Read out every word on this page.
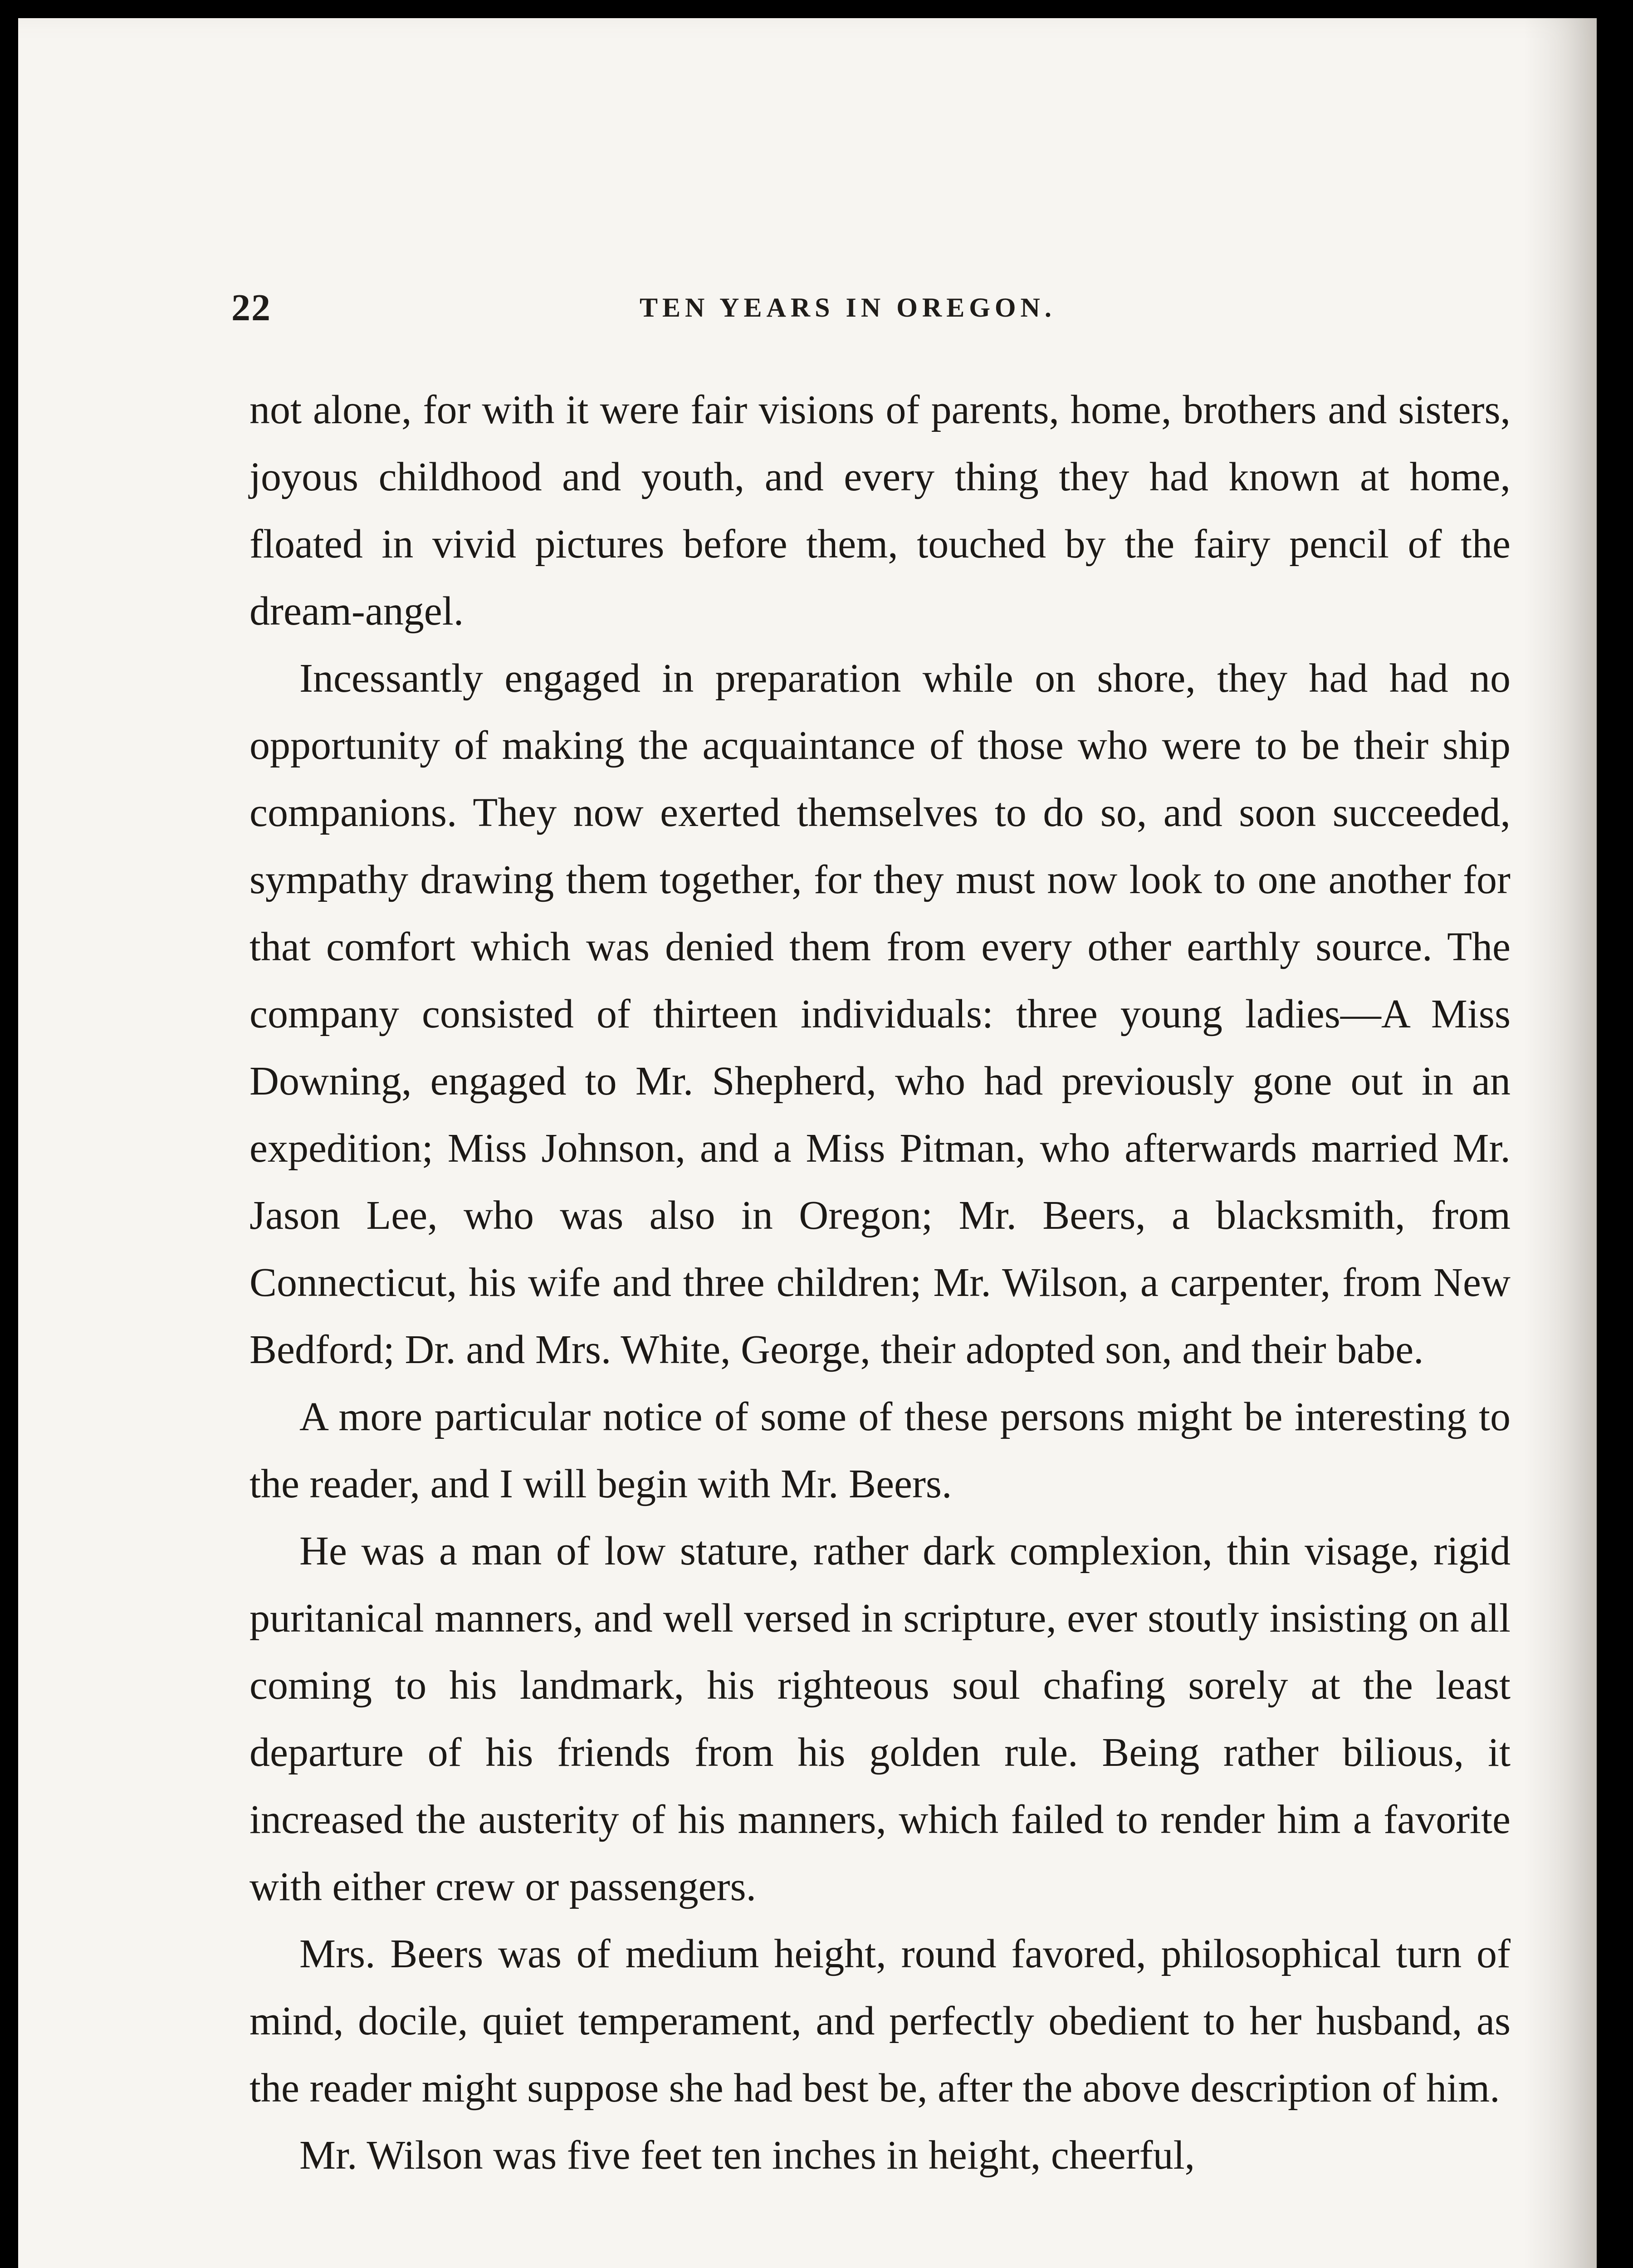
22	TEN YEARS IN OREGON.

not alone, for with it were fair visions of parents, home, brothers and sisters, joyous childhood and youth, and every thing they had known at home, floated in vivid pictures before them, touched by the fairy pencil of the dream-angel.

Incessantly engaged in preparation while on shore, they had had no opportunity of making the acquaintance of those who were to be their ship companions. They now exerted themselves to do so, and soon succeeded, sympathy drawing them together, for they must now look to one another for that comfort which was denied them from every other earthly source. The company consisted of thirteen individuals: three young ladies—A Miss Downing, engaged to Mr. Shepherd, who had previously gone out in an expedition; Miss Johnson, and a Miss Pitman, who afterwards married Mr. Jason Lee, who was also in Oregon; Mr. Beers, a blacksmith, from Connecticut, his wife and three children; Mr. Wilson, a carpenter, from New Bedford; Dr. and Mrs. White, George, their adopted son, and their babe.

A more particular notice of some of these persons might be interesting to the reader, and I will begin with Mr. Beers.

He was a man of low stature, rather dark complexion, thin visage, rigid puritanical manners, and well versed in scripture, ever stoutly insisting on all coming to his landmark, his righteous soul chafing sorely at the least departure of his friends from his golden rule. Being rather bilious, it increased the austerity of his manners, which failed to render him a favorite with either crew or passengers.

Mrs. Beers was of medium height, round favored, philosophical turn of mind, docile, quiet temperament, and perfectly obedient to her husband, as the reader might suppose she had best be, after the above description of him.

Mr. Wilson was five feet ten inches in height, cheerful,
